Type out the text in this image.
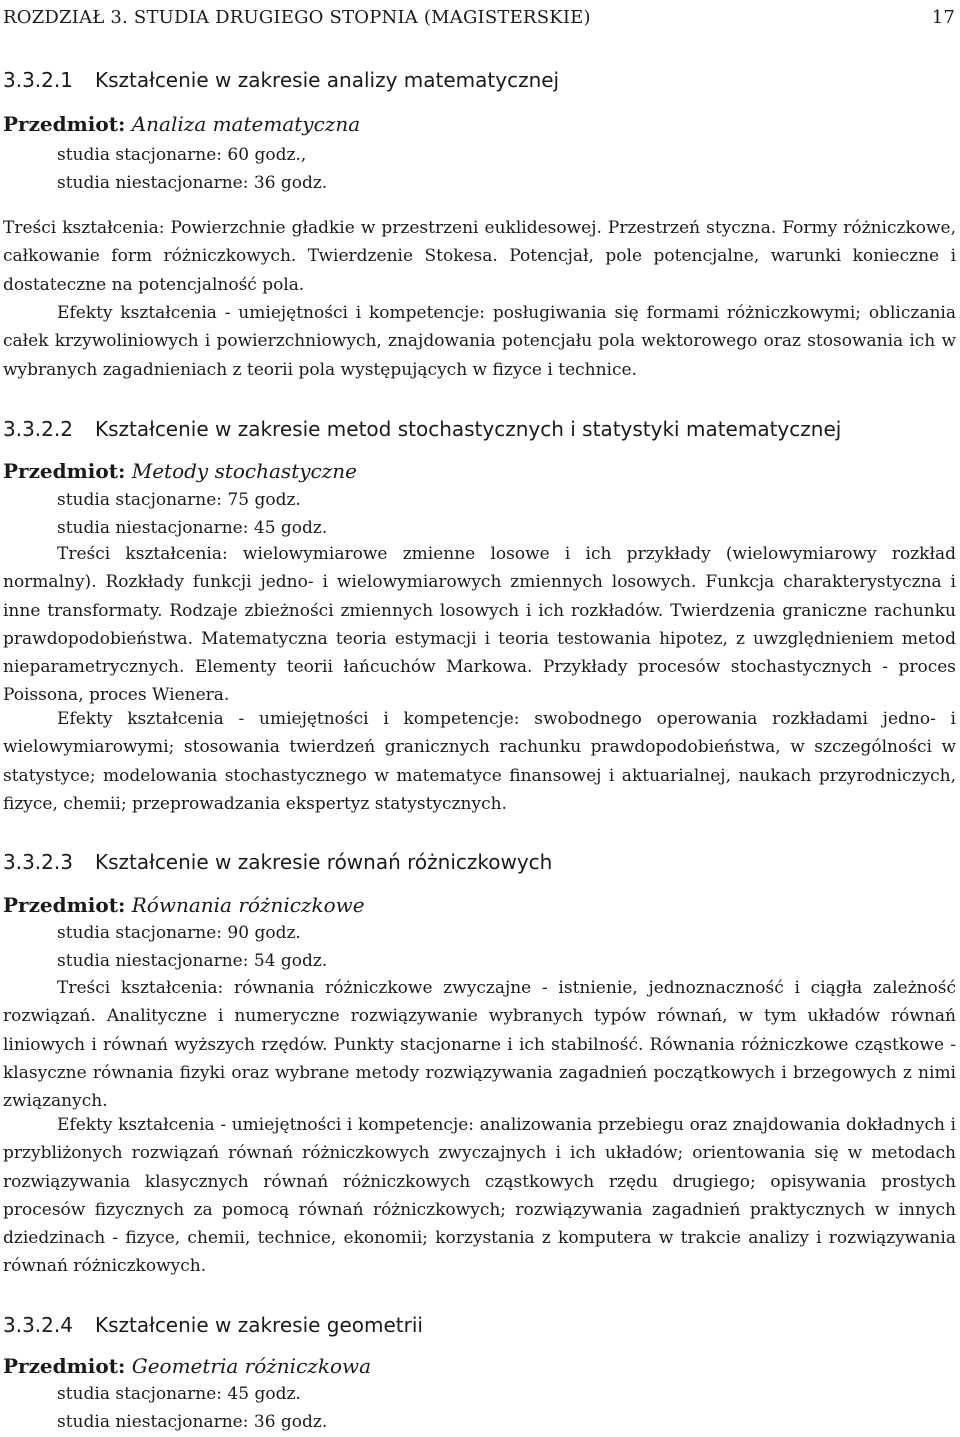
ROZDZIAŁ 3. STUDIA DRUGIEGO STOPNIA (MAGISTERSKIE)	17
3.3.2.1 Kształcenie w zakresie analizy matematycznej
Przedmiot: Analiza matematyczna
studia stacjonarne: 60 godz.,
studia niestacjonarne: 36 godz.
Treści kształcenia: Powierzchnie gładkie w przestrzeni euklidesowej. Przestrzeń styczna. Formy różniczkowe, całkowanie form różniczkowych. Twierdzenie Stokesa. Potencjał, pole potencjalne, warunki konieczne i dostateczne na potencjalność pola.
Efekty kształcenia - umiejętności i kompetencje: posługiwania się formami różniczkowymi; obliczania całek krzywoliniowych i powierzchniowych, znajdowania potencjału pola wektorowego oraz stosowania ich w wybranych zagadnieniach z teorii pola występujących w fizyce i technice.
3.3.2.2 Kształcenie w zakresie metod stochastycznych i statystyki matematycznej
Przedmiot: Metody stochastyczne
studia stacjonarne: 75 godz.
studia niestacjonarne: 45 godz.
Treści kształcenia: wielowymiarowe zmienne losowe i ich przykłady (wielowymiarowy rozkład normalny). Rozkłady funkcji jedno- i wielowymiarowych zmiennych losowych. Funkcja charakterystyczna i inne transformaty. Rodzaje zbieżności zmiennych losowych i ich rozkładów. Twierdzenia graniczne rachunku prawdopodobieństwa. Matematyczna teoria estymacji i teoria testowania hipotez, z uwzględnieniem metod nieparametrycznych. Elementy teorii łańcuchów Markowa. Przykłady procesów stochastycznych - proces Poissona, proces Wienera.
Efekty kształcenia - umiejętności i kompetencje: swobodnego operowania rozkładami jedno- i wielowymiarowymi; stosowania twierdzeń granicznych rachunku prawdopodobieństwa, w szczególności w statystyce; modelowania stochastycznego w matematyce finansowej i aktuarialnej, naukach przyrodniczych, fizyce, chemii; przeprowadzania ekspertyz statystycznych.
3.3.2.3 Kształcenie w zakresie równań różniczkowych
Przedmiot: Równania różniczkowe
studia stacjonarne: 90 godz.
studia niestacjonarne: 54 godz.
Treści kształcenia: równania różniczkowe zwyczajne - istnienie, jednoznaczność i ciągła zależność rozwiązań. Analityczne i numeryczne rozwiązywanie wybranych typów równań, w tym układów równań liniowych i równań wyższych rzędów. Punkty stacjonarne i ich stabilność. Równania różniczkowe cząstkowe - klasyczne równania fizyki oraz wybrane metody rozwiązywania zagadnień początkowych i brzegowych z nimi związanych.
Efekty kształcenia - umiejętności i kompetencje: analizowania przebiegu oraz znajdowania dokładnych i przybliżonych rozwiązań równań różniczkowych zwyczajnych i ich układów; orientowania się w metodach rozwiązywania klasycznych równań różniczkowych cząstkowych rzędu drugiego; opisywania prostych procesów fizycznych za pomocą równań różniczkowych; rozwiązywania zagadnień praktycznych w innych dziedzinach - fizyce, chemii, technice, ekonomii; korzystania z komputera w trakcie analizy i rozwiązywania równań różniczkowych.
3.3.2.4 Kształcenie w zakresie geometrii
Przedmiot: Geometria różniczkowa
studia stacjonarne: 45 godz.
studia niestacjonarne: 36 godz.
